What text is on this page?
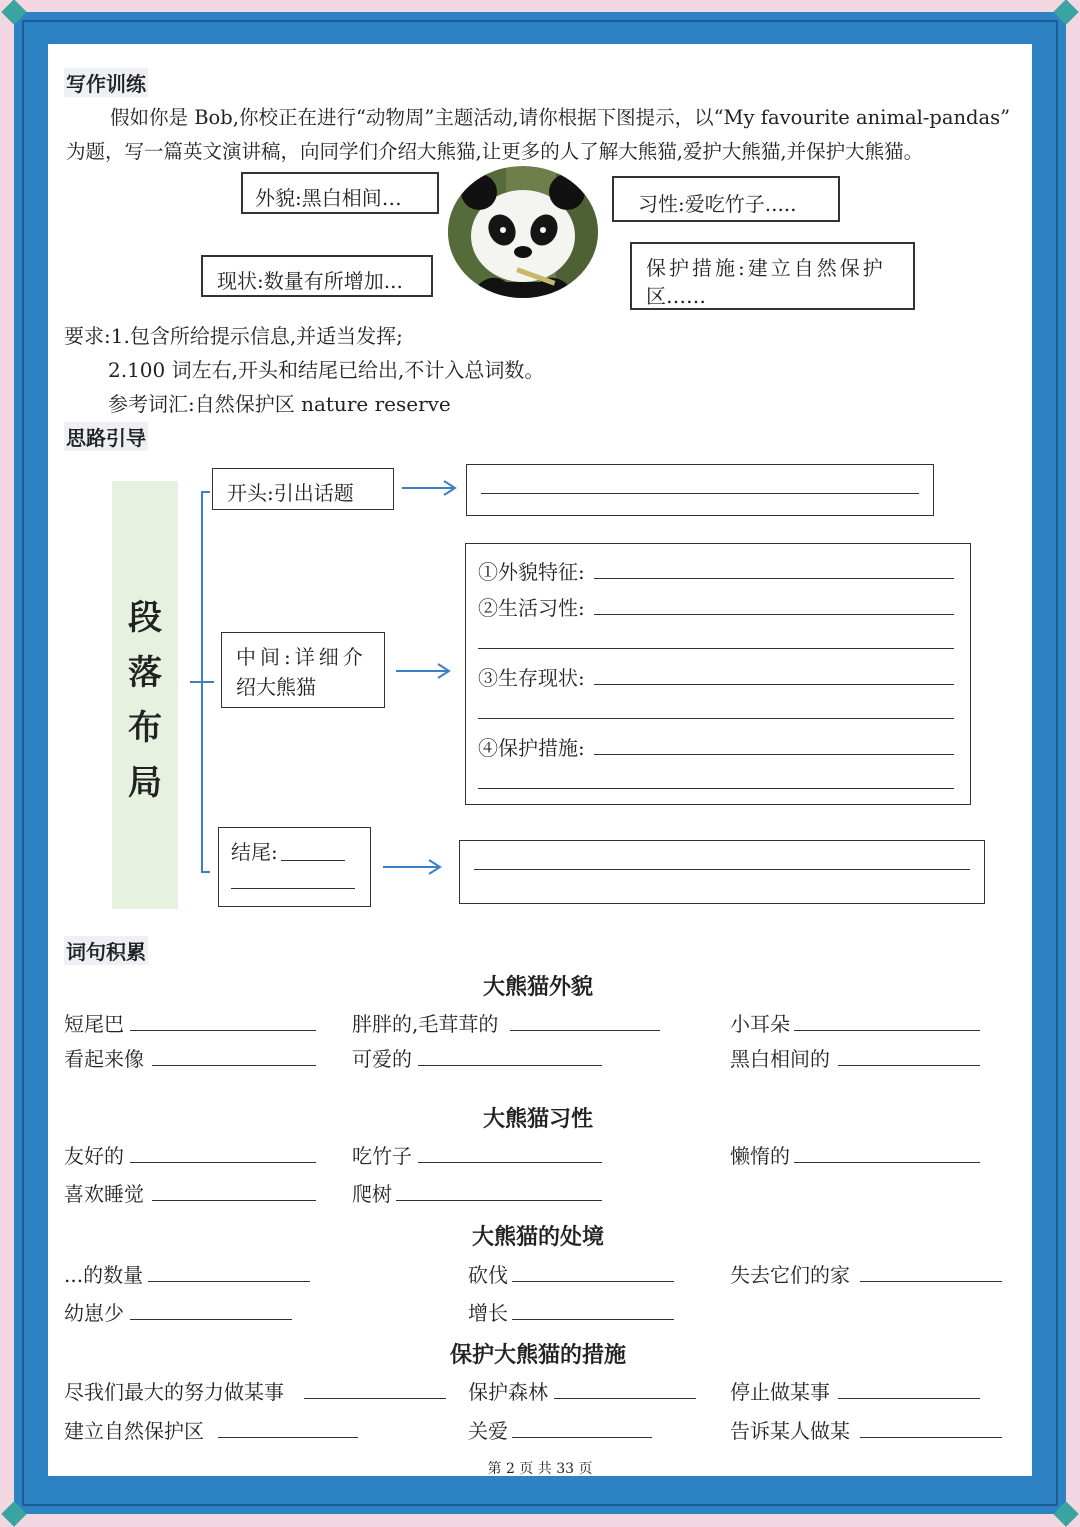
写作训练
假如你是 Bob,你校正在进行“动物周”主题活动,请你根据下图提示，以“My favourite animal-pandas”
为题，写一篇英文演讲稿，向同学们介绍大熊猫,让更多的人了解大熊猫,爱护大熊猫,并保护大熊猫。
外貌:黑白相间…	习性:爱吃竹子.....
现状:数量有所增加...
保护措施:建立自然保护
区……
要求:1.包含所给提示信息,并适当发挥;
2.100 词左右,开头和结尾已给出,不计入总词数。
参考词汇:自然保护区 nature reserve
思路引导
段
落
布
局
开头:引出话题
中间:详细介
绍大熊猫
结尾:
①外貌特征:
②生活习性:
③生存现状:
④保护措施:
词句积累
大熊猫外貌
短尾巴	胖胖的,毛茸茸的	小耳朵
看起来像	可爱的	黑白相间的
大熊猫习性
友好的	吃竹子	懒惰的
喜欢睡觉	爬树
大熊猫的处境
...的数量	砍伐	失去它们的家
幼崽少	增长
保护大熊猫的措施
尽我们最大的努力做某事	保护森林	停止做某事
建立自然保护区	关爱	告诉某人做某
第 2 页 共 33 页
